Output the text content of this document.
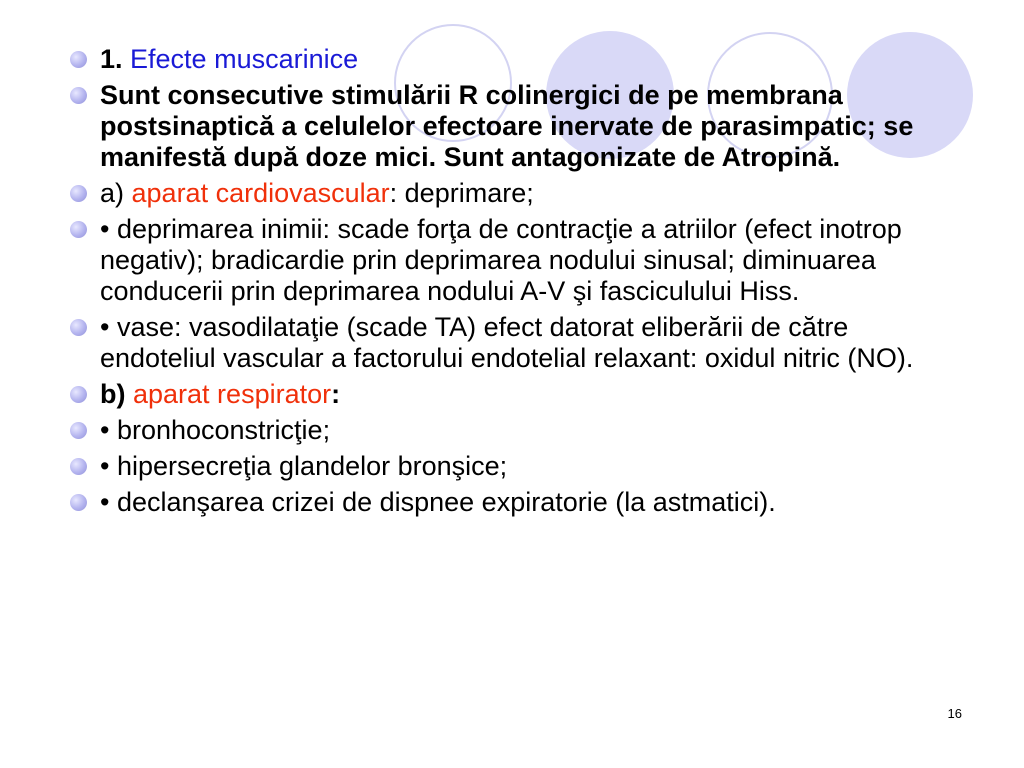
1. Efecte muscarinice
Sunt consecutive stimulării R colinergici de pe membrana postsinaptică a celulelor efectoare inervate de parasimpatic; se manifestă după doze mici. Sunt antagonizate de Atropină.
a) aparat cardiovascular: deprimare;
• deprimarea inimii: scade forţa de contracţie a atriilor (efect inotrop negativ); bradicardie prin deprimarea nodului sinusal; diminuarea conducerii prin deprimarea nodului A-V şi fasciculului Hiss.
• vase: vasodilataţie (scade TA) efect datorat eliberării de către endoteliul vascular a factorului endotelial relaxant: oxidul nitric (NO).
b) aparat respirator:
• bronhoconstricţie;
• hipersecreţia glandelor bronşice;
• declanşarea crizei de dispnee expiratorie (la astmatici).
16
